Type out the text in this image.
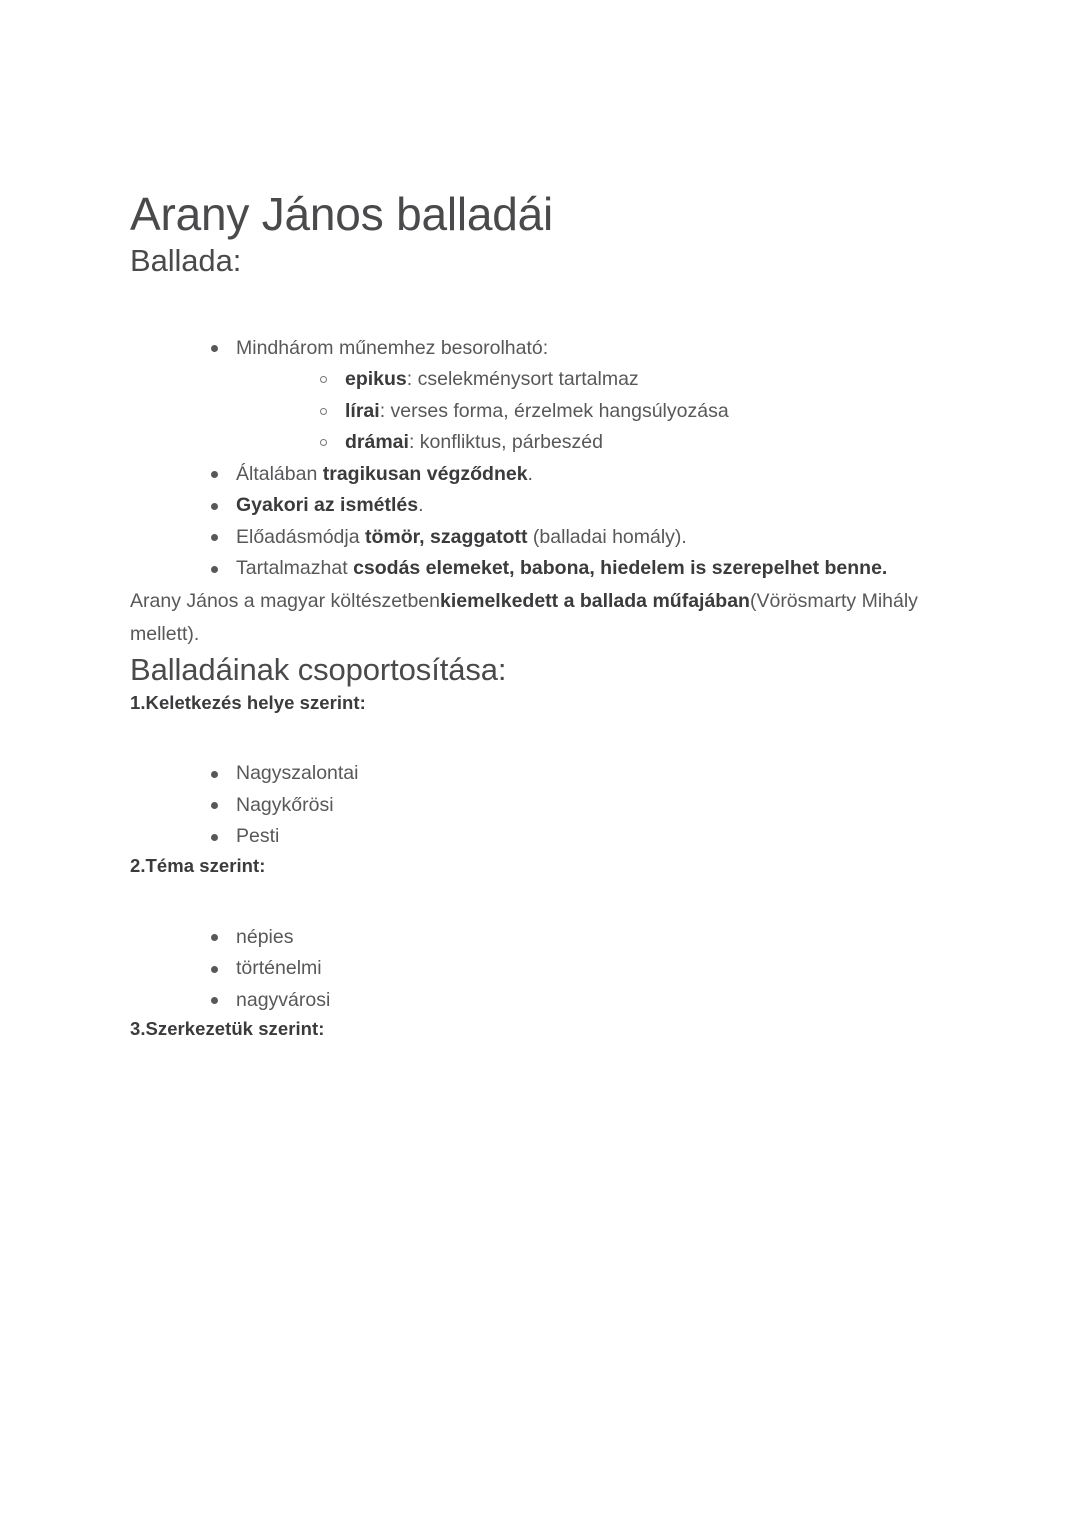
Arany János balladái
Ballada:
Mindhárom műnemhez besorolható:
epikus: cselekménysort tartalmaz
lírai: verses forma, érzelmek hangsúlyozása
drámai: konfliktus, párbeszéd
Általában tragikusan végződnek.
Gyakori az ismétlés.
Előadásmódja tömör, szaggatott (balladai homály).
Tartalmazhat csodás elemeket, babona, hiedelem is szerepelhet benne.

Arany János a magyar költészetbenkiemelkedett a ballada műfajában(Vörösmarty Mihály mellett).

Balladáinak csoportosítása:
1.Keletkezés helye szerint:
Nagyszalontai
Nagykőrösi
Pesti
2.Téma szerint:
népies
történelmi
nagyvárosi
3.Szerkezetük szerint:
